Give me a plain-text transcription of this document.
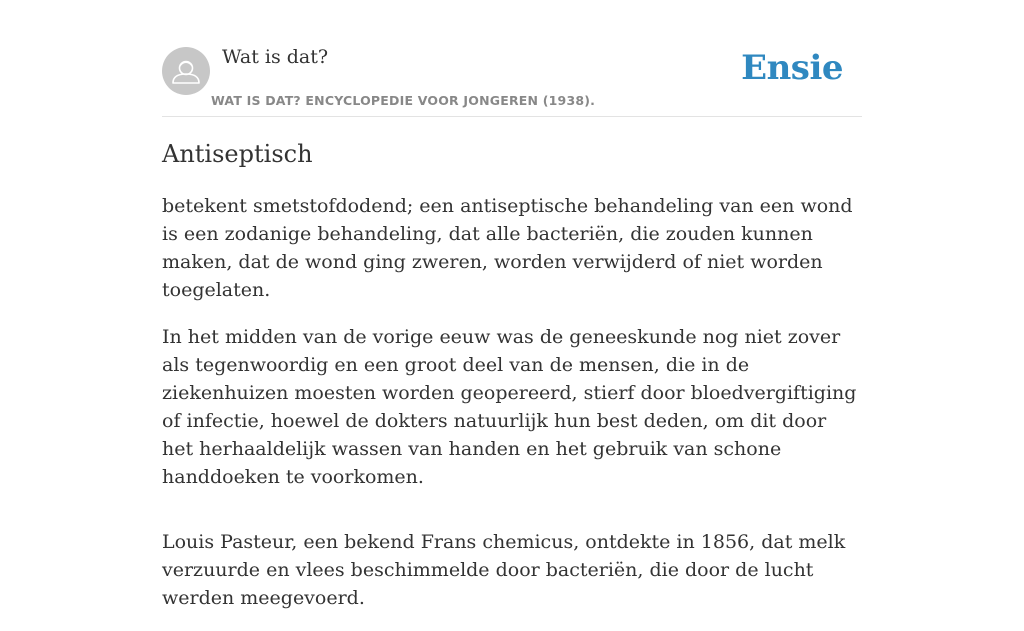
Wat is dat?
WAT IS DAT? ENCYCLOPEDIE VOOR JONGEREN (1938).
Ensie
Antiseptisch

betekent smetstofdodend; een antiseptische behandeling van een wond is een zodanige behandeling, dat alle bacteriën, die zouden kunnen maken, dat de wond ging zweren, worden verwijderd of niet worden toegelaten.

In het midden van de vorige eeuw was de geneeskunde nog niet zover als tegenwoordig en een groot deel van de mensen, die in de ziekenhuizen moesten worden geopereerd, stierf door bloedvergiftiging of infectie, hoewel de dokters natuurlijk hun best deden, om dit door het herhaaldelijk wassen van handen en het gebruik van schone handdoeken te voorkomen.

Louis Pasteur, een bekend Frans chemicus, ontdekte in 1856, dat melk verzuurde en vlees beschimmelde door bacteriën, die door de lucht werden meegevoerd.
